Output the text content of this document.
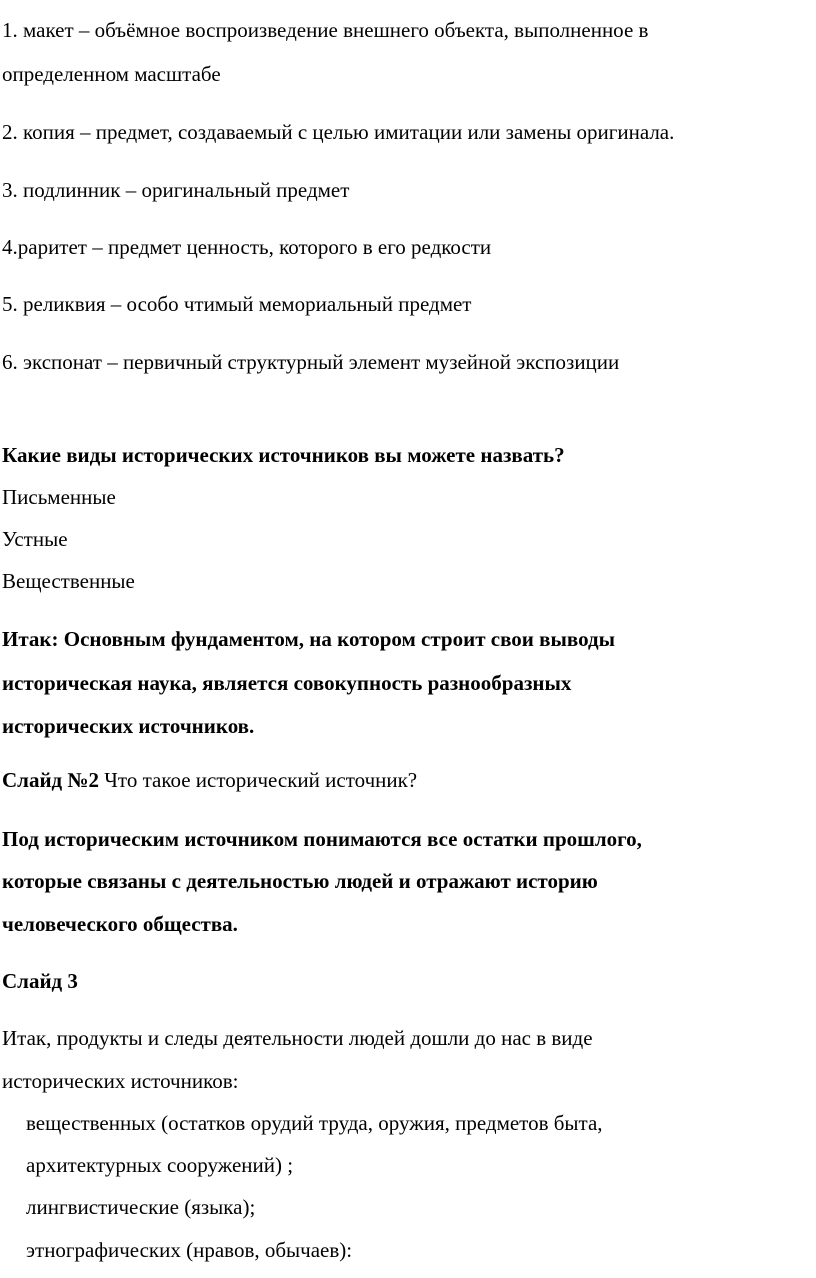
1. макет – объёмное воспроизведение внешнего объекта, выполненное в
определенном масштабе
2. копия – предмет, создаваемый с целью имитации или замены оригинала.
3. подлинник – оригинальный предмет
4.раритет – предмет ценность, которого в его редкости
5. реликвия – особо чтимый мемориальный предмет
6. экспонат – первичный структурный элемент музейной экспозиции
Какие виды исторических источников вы можете назвать?
Письменные
Устные
Вещественные
Итак: Основным фундаментом, на котором строит свои выводы
историческая наука, является совокупность разнообразных
исторических источников.
Слайд №2 Что такое исторический источник?
Под историческим источником понимаются все остатки прошлого,
которые связаны с деятельностью людей и отражают историю
человеческого общества.
Слайд 3
Итак, продукты и следы деятельности людей дошли до нас в виде
исторических источников:
вещественных (остатков орудий труда, оружия, предметов быта,
архитектурных сооружений) ;
лингвистические (языка);
этнографических (нравов, обычаев):
